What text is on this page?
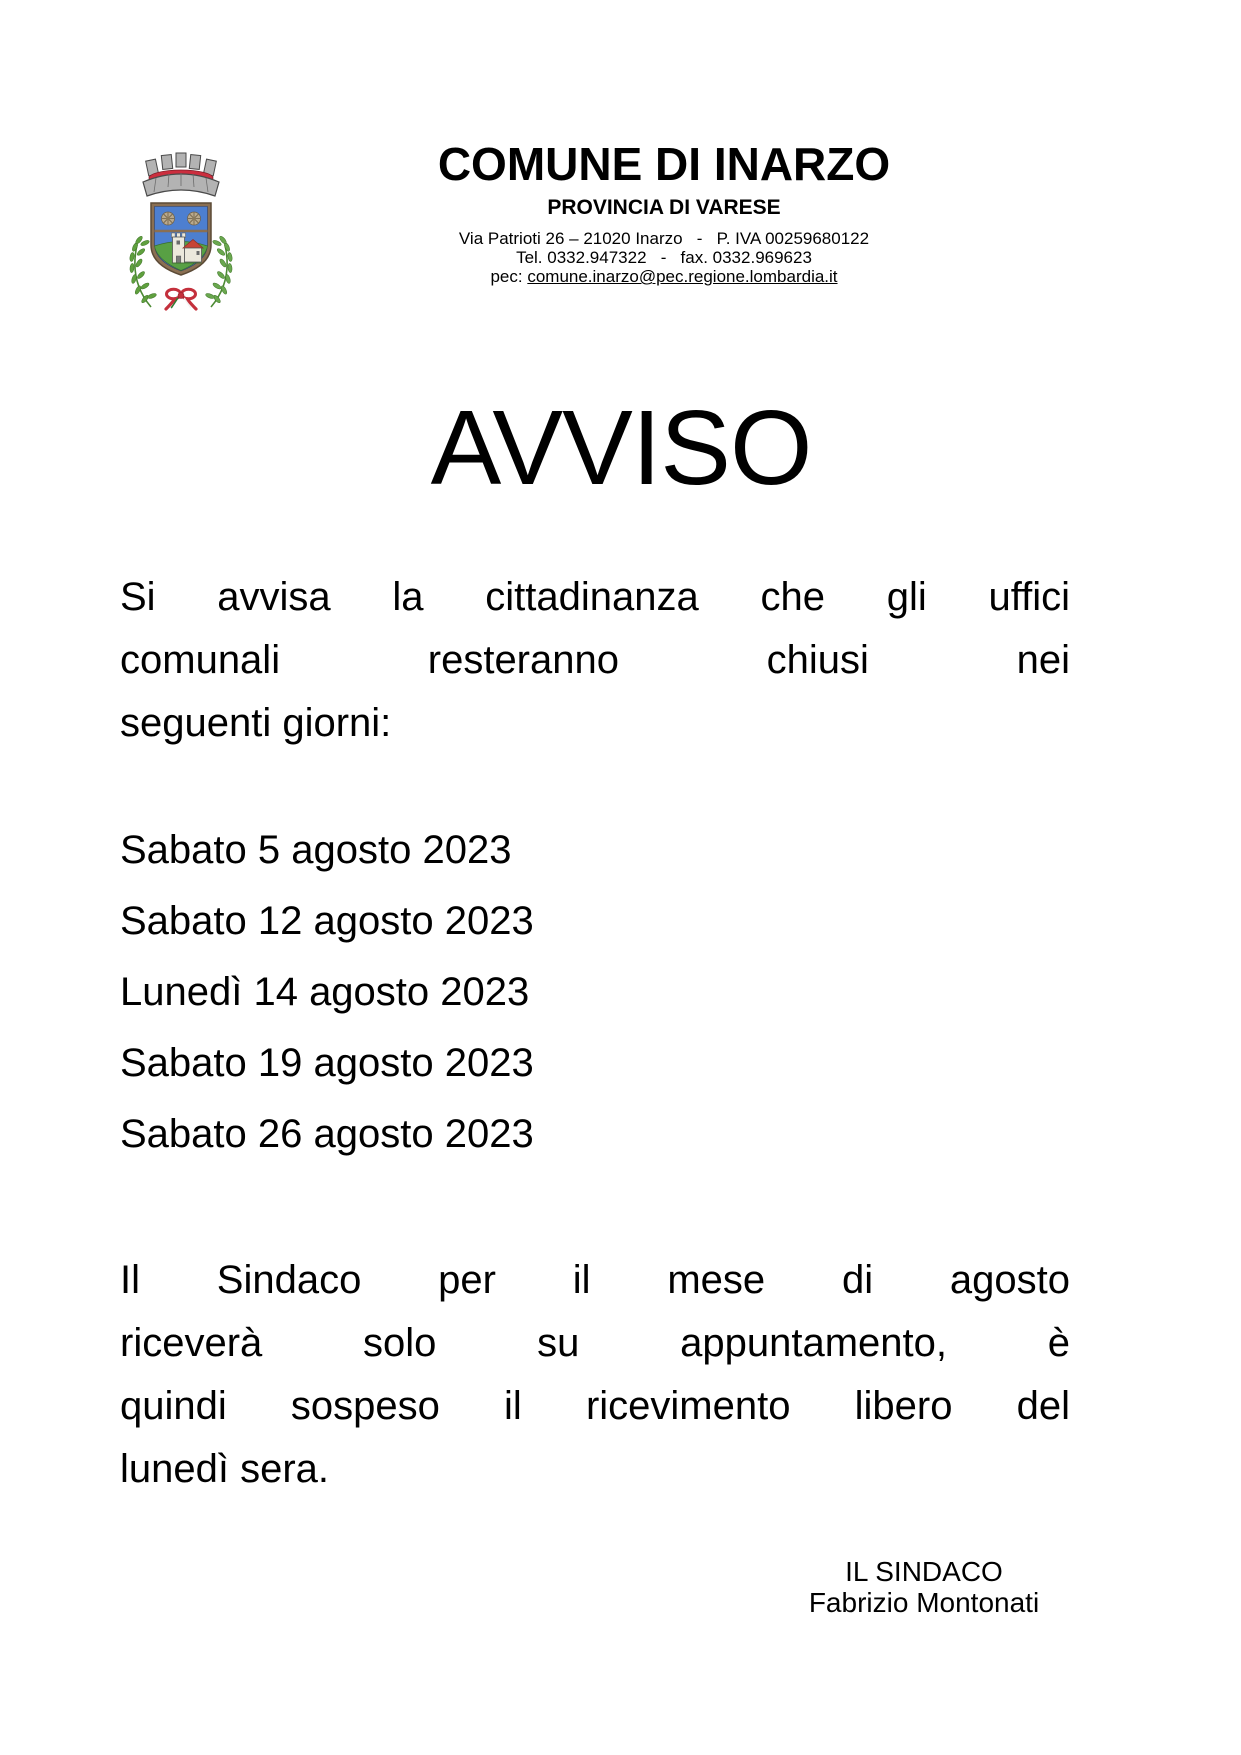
COMUNE DI INARZO
PROVINCIA DI VARESE
Via Patrioti 26 – 21020 Inarzo   -   P. IVA 00259680122
Tel. 0332.947322   -   fax. 0332.969623
pec: comune.inarzo@pec.regione.lombardia.it
AVVISO
Si avvisa la cittadinanza che gli uffici
comunali resteranno chiusi nei
seguenti giorni:
Sabato 5 agosto 2023
Sabato 12 agosto 2023
Lunedì 14 agosto 2023
Sabato 19 agosto 2023
Sabato 26 agosto 2023
Il Sindaco per il mese di agosto
riceverà solo su appuntamento, è
quindi sospeso il ricevimento libero del
lunedì sera.
IL SINDACO
Fabrizio Montonati
